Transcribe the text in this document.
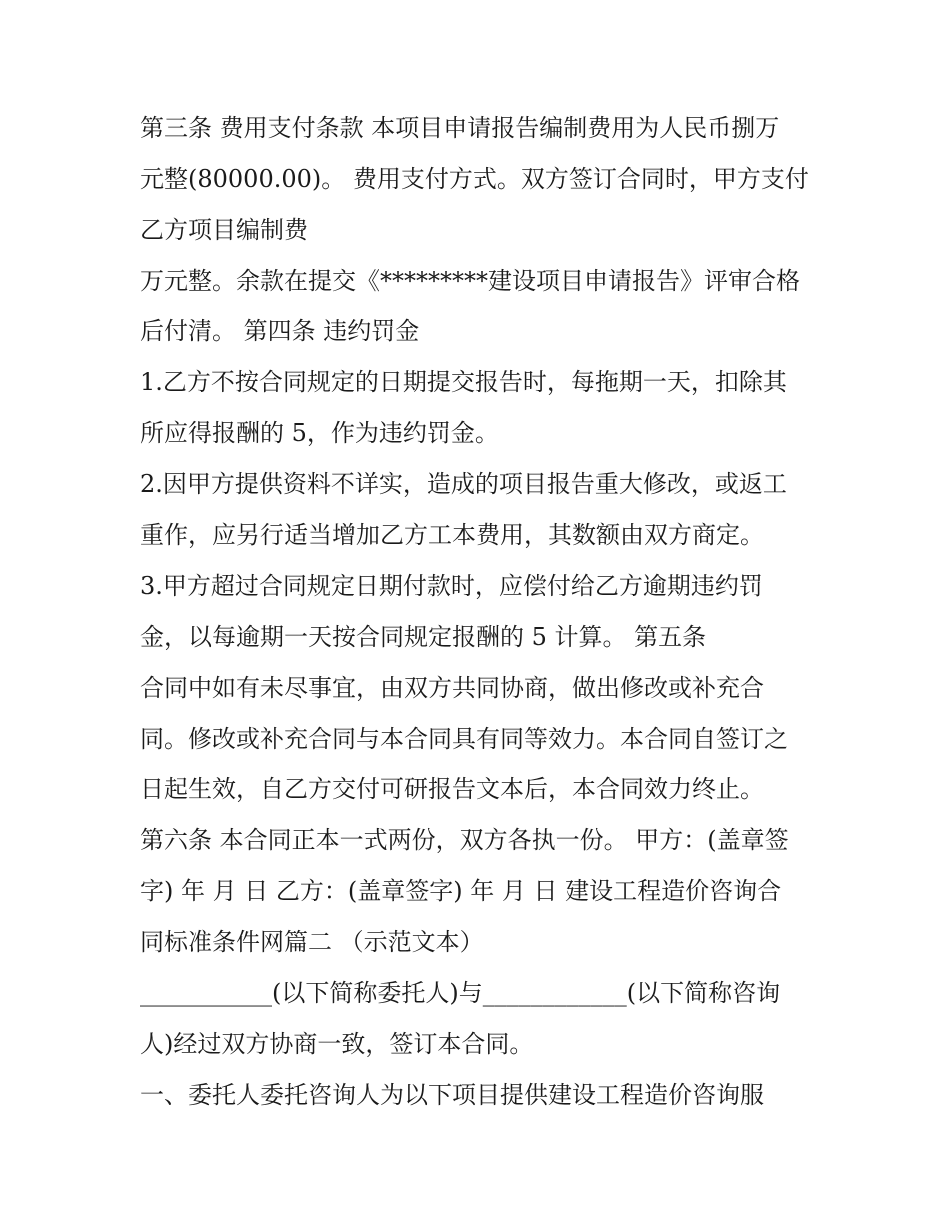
第三条 费用支付条款 本项目申请报告编制费用为人民币捌万
元整(80000.00)。 费用支付方式。双方签订合同时，甲方支付
乙方项目编制费
万元整。余款在提交《*********建设项目申请报告》评审合格
后付清。 第四条 违约罚金
1.乙方不按合同规定的日期提交报告时，每拖期一天，扣除其
所应得报酬的 5，作为违约罚金。
2.因甲方提供资料不详实，造成的项目报告重大修改，或返工
重作，应另行适当增加乙方工本费用，其数额由双方商定。
3.甲方超过合同规定日期付款时，应偿付给乙方逾期违约罚
金，以每逾期一天按合同规定报酬的 5 计算。 第五条
合同中如有未尽事宜，由双方共同协商，做出修改或补充合
同。修改或补充合同与本合同具有同等效力。本合同自签订之
日起生效，自乙方交付可研报告文本后，本合同效力终止。
第六条 本合同正本一式两份，双方各执一份。 甲方：(盖章签
字) 年 月 日 乙方：(盖章签字) 年 月 日 建设工程造价咨询合
同标准条件网篇二 （示范文本）
___________(以下简称委托人)与____________(以下简称咨询
人)经过双方协商一致，签订本合同。
一、委托人委托咨询人为以下项目提供建设工程造价咨询服
